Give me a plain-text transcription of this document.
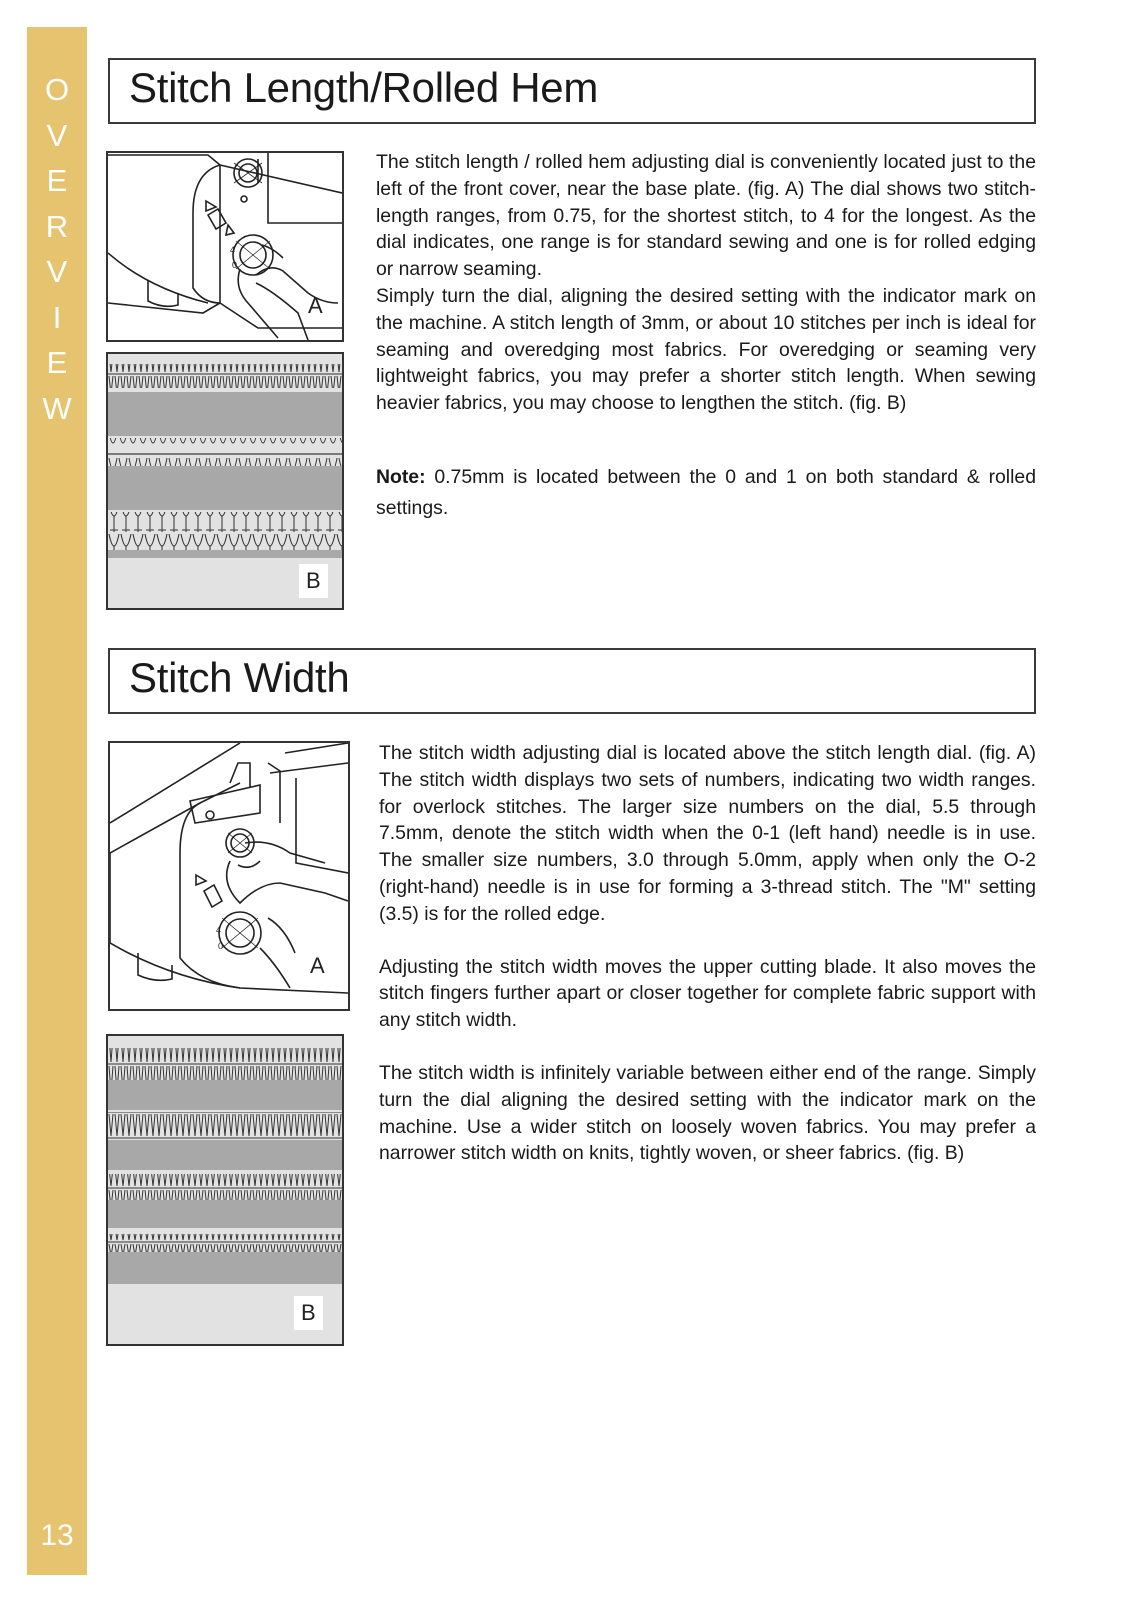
O
V
E
R
V
I
E
W
13
Stitch Length/Rolled Hem
4
0
A
B

The stitch length / rolled hem adjusting dial is conveniently located just to the left of the front cover, near the base plate. (fig. A) The dial shows two stitch-length ranges, from 0.75, for the shortest stitch, to 4 for the longest. As the dial indicates, one range is for standard sewing and one is for rolled edging or narrow seaming.

Simply turn the dial, aligning the desired setting with the indicator mark on the machine. A stitch length of 3mm, or about 10 stitches per inch is ideal for seaming and overedging most fabrics. For overedging or seaming very lightweight fabrics, you may prefer a shorter stitch length. When sewing heavier fabrics, you may choose to lengthen the stitch. (fig. B)

Note: 0.75mm is located between the 0 and 1 on both standard & rolled settings.
Stitch Width
4
0
A
B

The stitch width adjusting dial is located above the stitch length dial. (fig. A) The stitch width displays two sets of numbers, indicating two width ranges. for overlock stitches. The larger size numbers on the dial, 5.5 through 7.5mm, denote the stitch width when the 0-1 (left hand) needle is in use. The smaller size numbers, 3.0 through 5.0mm, apply when only the O-2 (right-hand) needle is in use for forming a 3-thread stitch. The "M" setting (3.5) is for the rolled edge.

Adjusting the stitch width moves the upper cutting blade. It also moves the stitch fingers further apart or closer together for complete fabric support with any stitch width.

The stitch width is infinitely variable between either end of the range. Simply turn the dial aligning the desired setting with the indicator mark on the machine. Use a wider stitch on loosely woven fabrics. You may prefer a narrower stitch width on knits, tightly woven, or sheer fabrics. (fig. B)
